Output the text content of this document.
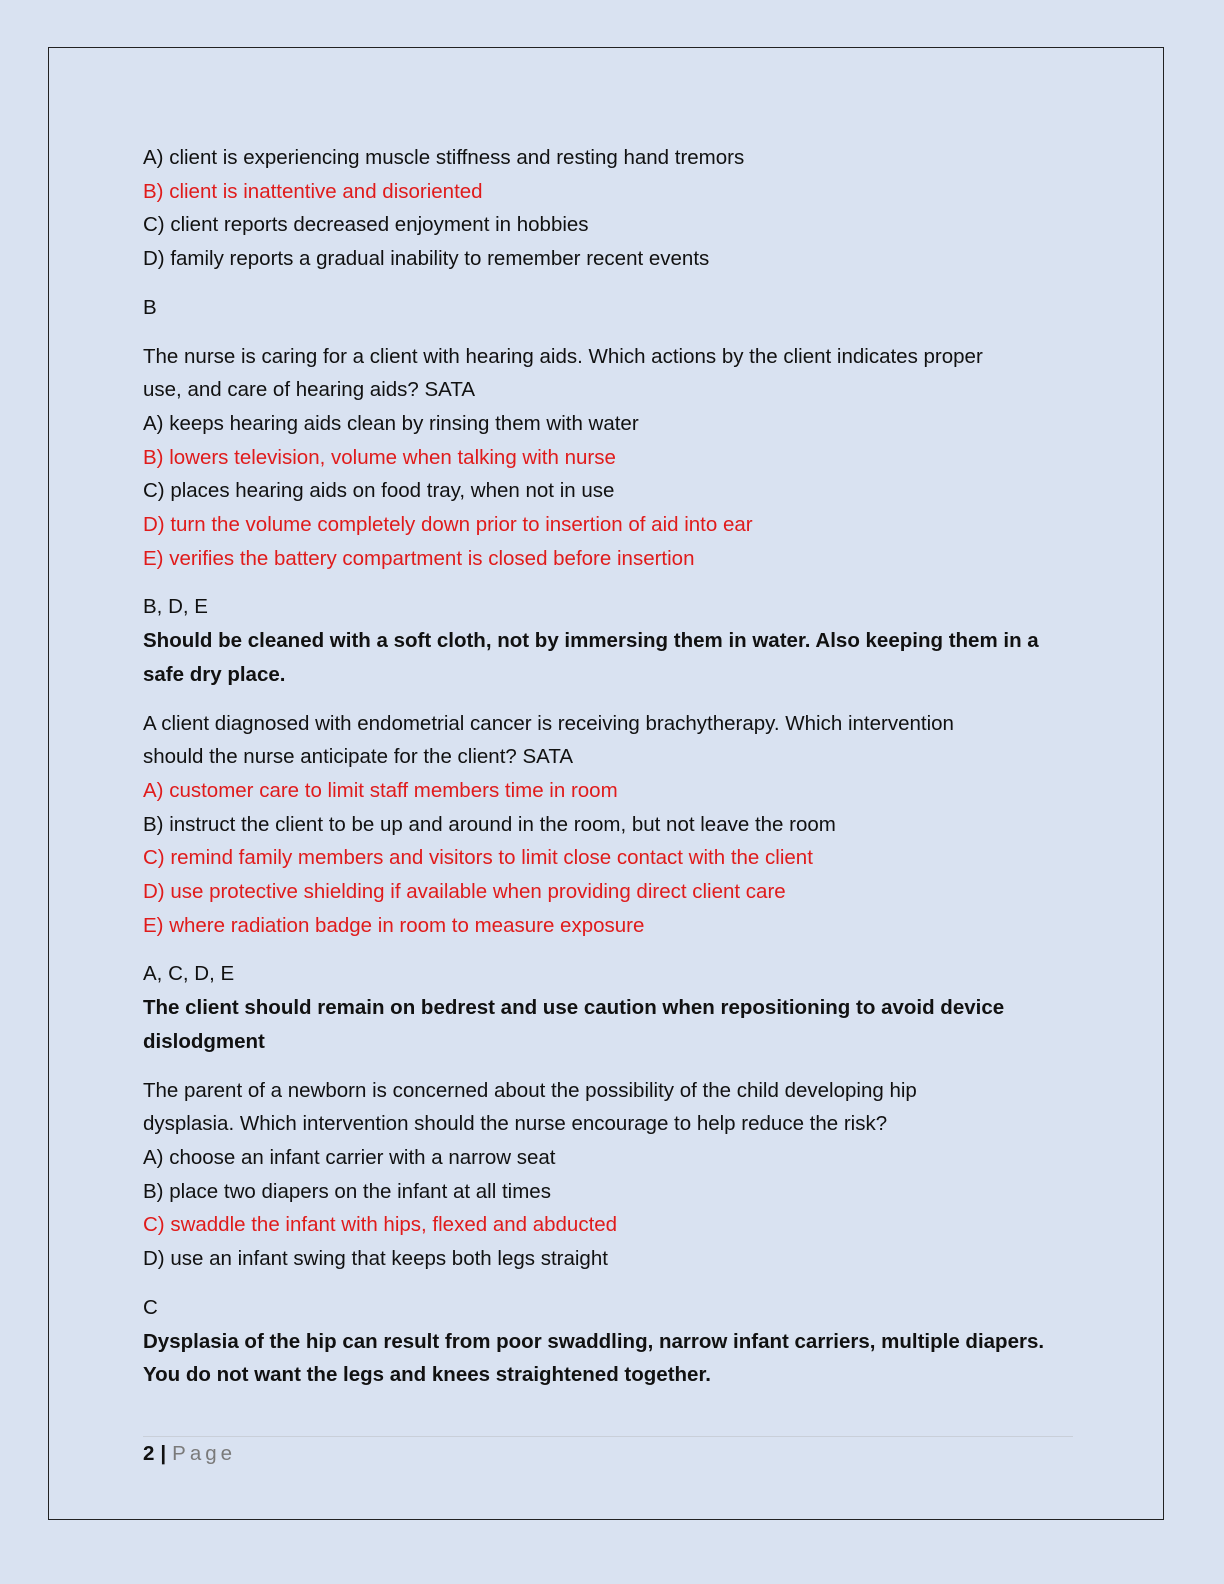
A) client is experiencing muscle stiffness and resting hand tremors

B) client is inattentive and disoriented

C) client reports decreased enjoyment in hobbies

D) family reports a gradual inability to remember recent events

B

The nurse is caring for a client with hearing aids. Which actions by the client indicates proper

use, and care of hearing aids? SATA

A) keeps hearing aids clean by rinsing them with water

B) lowers television, volume when talking with nurse

C) places hearing aids on food tray, when not in use

D) turn the volume completely down prior to insertion of aid into ear

E) verifies the battery compartment is closed before insertion

B, D, E

Should be cleaned with a soft cloth, not by immersing them in water. Also keeping them in a safe dry place.

A client diagnosed with endometrial cancer is receiving brachytherapy. Which intervention

should the nurse anticipate for the client? SATA

A) customer care to limit staff members time in room

B) instruct the client to be up and around in the room, but not leave the room

C) remind family members and visitors to limit close contact with the client

D) use protective shielding if available when providing direct client care

E) where radiation badge in room to measure exposure

A, C, D, E

The client should remain on bedrest and use caution when repositioning to avoid device dislodgment

The parent of a newborn is concerned about the possibility of the child developing hip

dysplasia. Which intervention should the nurse encourage to help reduce the risk?

A) choose an infant carrier with a narrow seat

B) place two diapers on the infant at all times

C) swaddle the infant with hips, flexed and abducted

D) use an infant swing that keeps both legs straight

C

Dysplasia of the hip can result from poor swaddling, narrow infant carriers, multiple diapers. You do not want the legs and knees straightened together.

2 | Page
